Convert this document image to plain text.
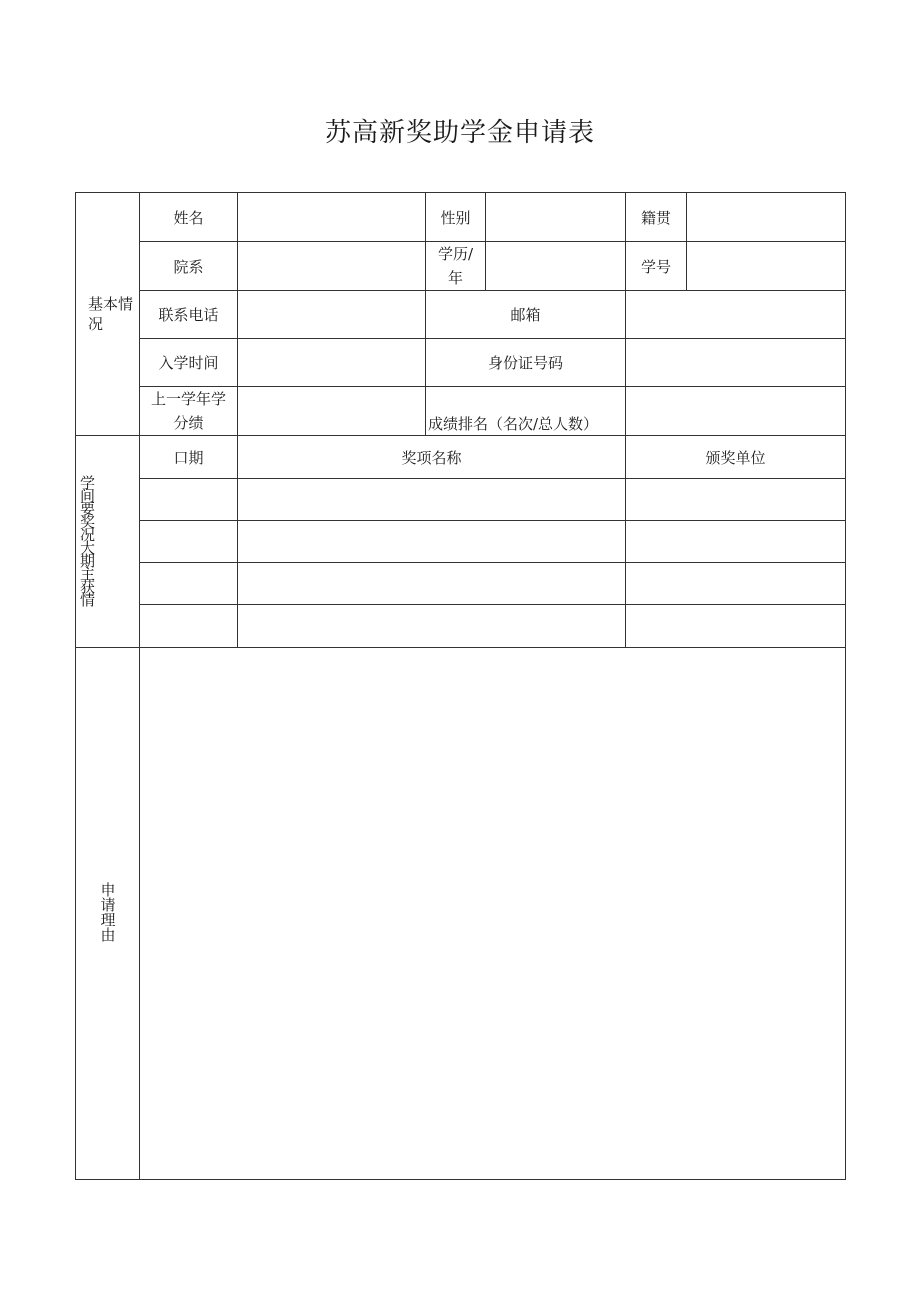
苏高新奖助学金申请表
基本情况	姓名		性别		籍贯	
	院系		学历/年		学号	
	联系电话		邮箱			
	入学时间		身份证号码			
	上一学年学分绩		成绩排名（名次/总人数）			
学间要奖况大期主获情	口期	奖项名称			颁奖单位	

申请理由						
